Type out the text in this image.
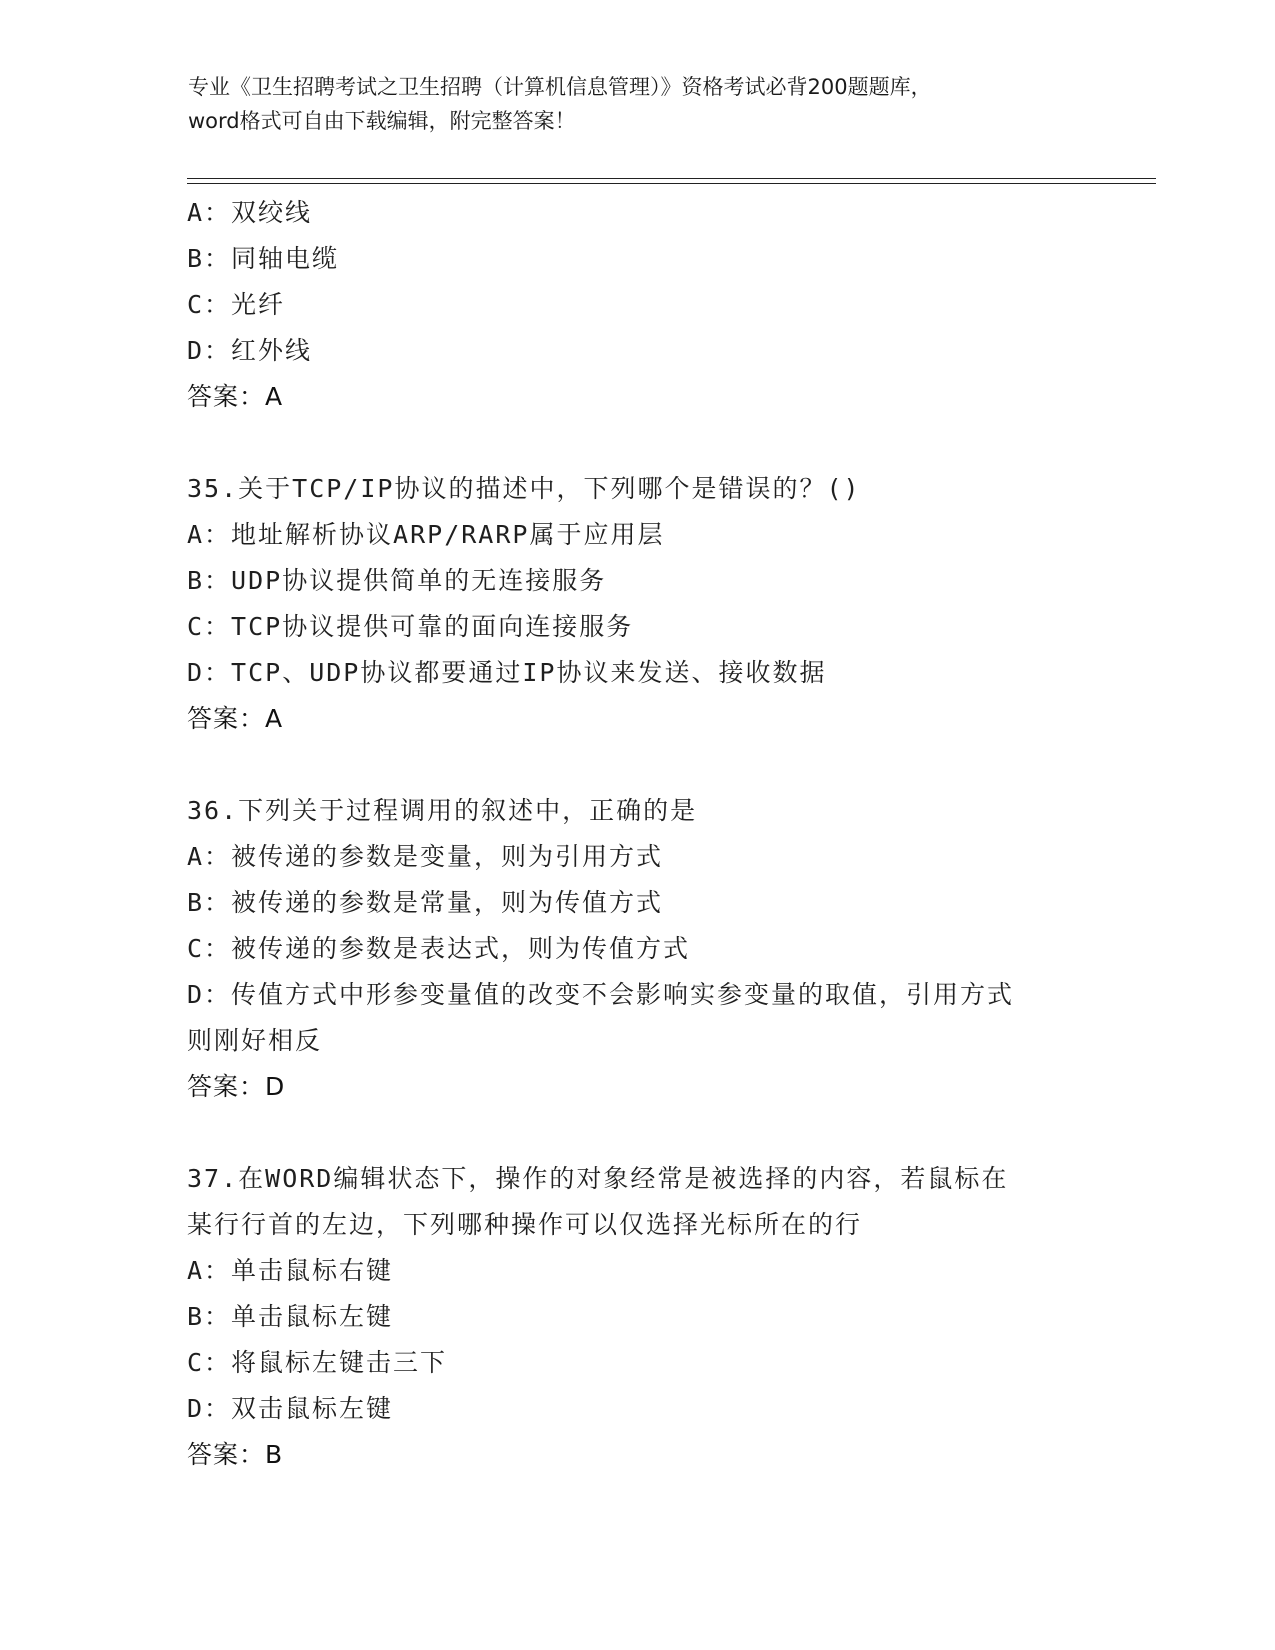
专业《卫生招聘考试之卫生招聘（计算机信息管理）》资格考试必背200题题库，
word格式可自由下载编辑，附完整答案！
A：双绞线
B：同轴电缆
C：光纤
D：红外线
答案：A
35.关于TCP/IP协议的描述中，下列哪个是错误的？()
A：地址解析协议ARP/RARP属于应用层
B：UDP协议提供简单的无连接服务
C：TCP协议提供可靠的面向连接服务
D：TCP、UDP协议都要通过IP协议来发送、接收数据
答案：A
36.下列关于过程调用的叙述中，正确的是
A：被传递的参数是变量，则为引用方式
B：被传递的参数是常量，则为传值方式
C：被传递的参数是表达式，则为传值方式
D：传值方式中形参变量值的改变不会影响实参变量的取值，引用方式
则刚好相反
答案：D
37.在WORD编辑状态下，操作的对象经常是被选择的内容，若鼠标在
某行行首的左边，下列哪种操作可以仅选择光标所在的行
A：单击鼠标右键
B：单击鼠标左键
C：将鼠标左键击三下
D：双击鼠标左键
答案：B
